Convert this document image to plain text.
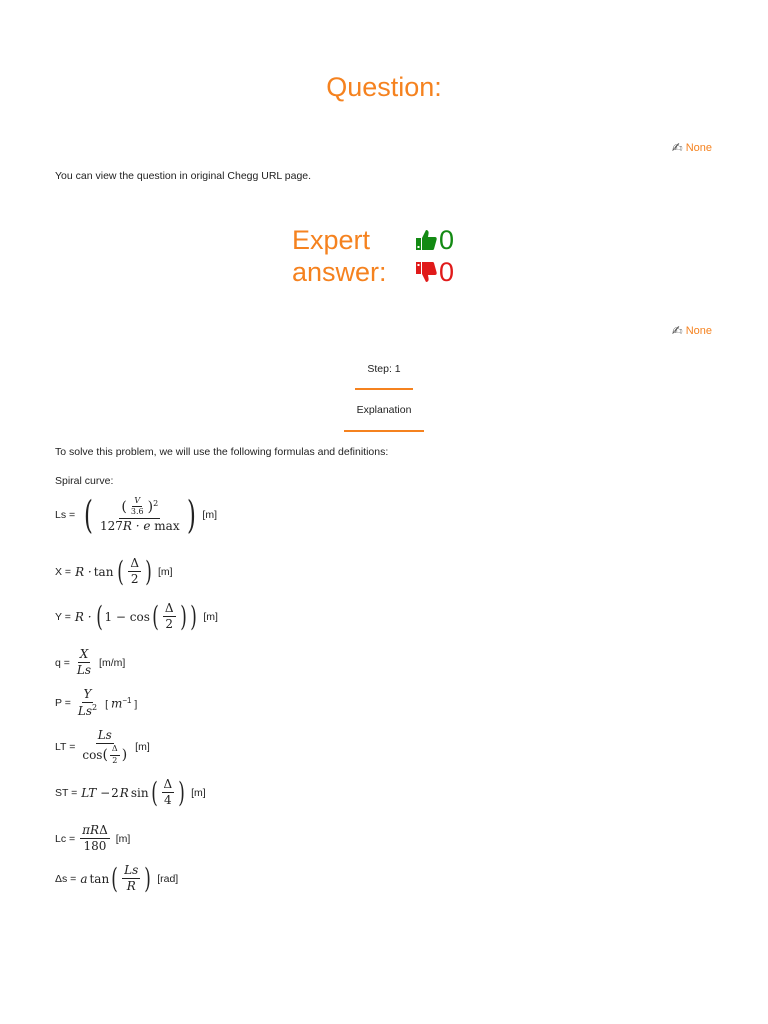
Question:
✍ None
You can view the question in original Chegg URL page.
Expert
answer:
0
0
✍ None
Step: 1
Explanation
To solve this problem, we will use the following formulas and definitions:
Spiral curve:
Ls = ( $\frac{( \frac{V}{3.6} )^2}{\text{127R · e max}}$ ) [m]
X = R · tan ( $\frac{\Delta}{2}$ ) [m]
Y = R · ( 1 − cos ( $\frac{\Delta}{2}$ ) ) [m]
$q = \frac{X}{Ls} [m/m]$
$P = \frac{Y}{Ls^2}$ [ $m^{-1}$ ]
LT = $\frac{Ls}{\cos( \frac{\Delta}{2} )} [m]$
ST = LT − 2 R sin ( $\frac{\Delta}{4}$ ) [m]
$Lc = \frac{\text{πRΔ}}{180} [m]$
Δs = a tan ( $\frac{Ls}{R}$ ) [rad]
